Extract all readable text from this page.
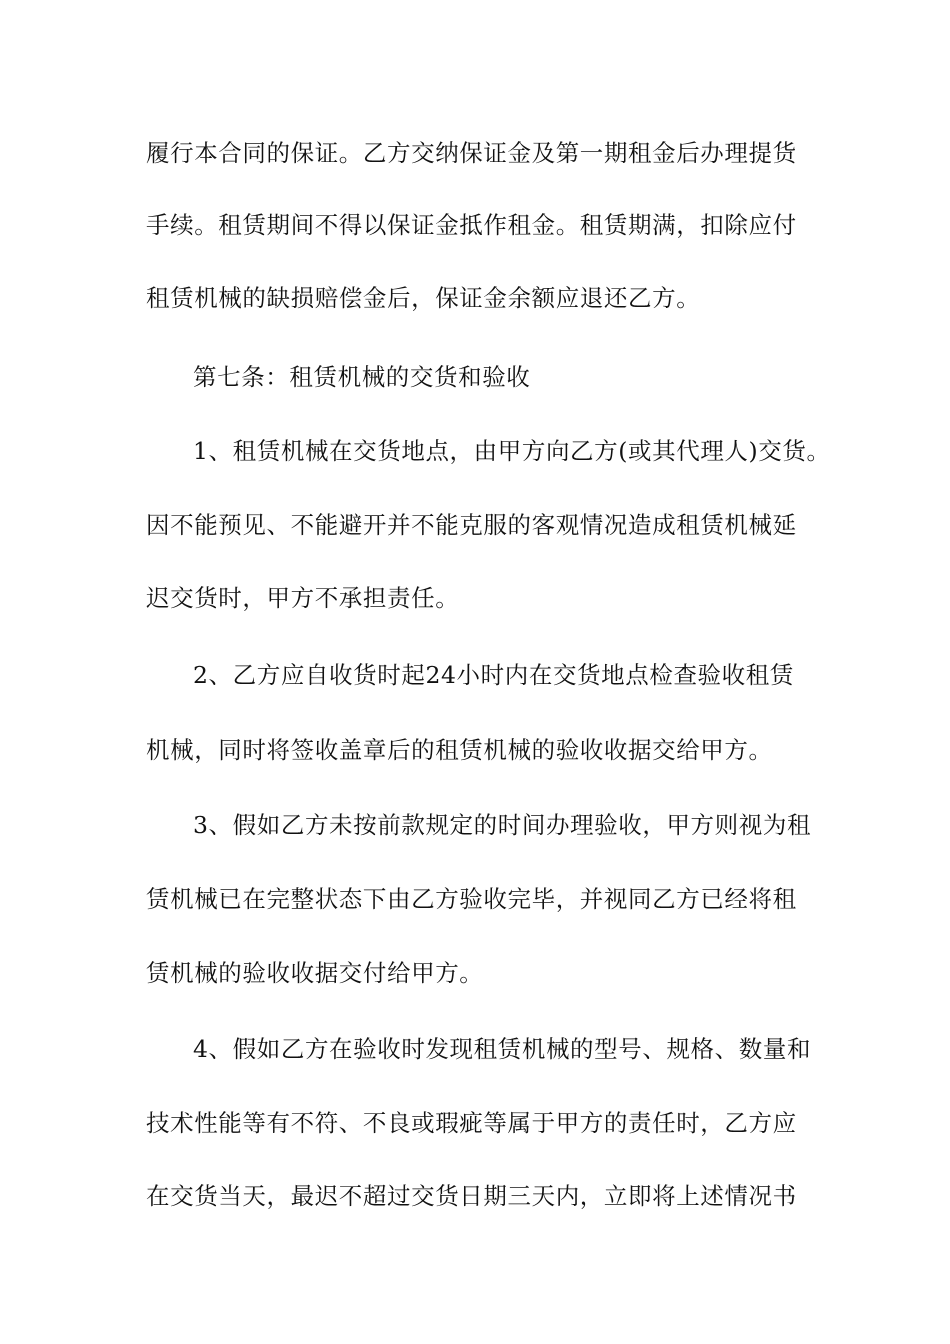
履行本合同的保证。乙方交纳保证金及第一期租金后办理提货
手续。租赁期间不得以保证金抵作租金。租赁期满，扣除应付
租赁机械的缺损赔偿金后，保证金余额应退还乙方。
第七条：租赁机械的交货和验收
1、租赁机械在交货地点，由甲方向乙方(或其代理人)交货。
因不能预见、不能避开并不能克服的客观情况造成租赁机械延
迟交货时，甲方不承担责任。
2、乙方应自收货时起24小时内在交货地点检查验收租赁
机械，同时将签收盖章后的租赁机械的验收收据交给甲方。
3、假如乙方未按前款规定的时间办理验收，甲方则视为租
赁机械已在完整状态下由乙方验收完毕，并视同乙方已经将租
赁机械的验收收据交付给甲方。
4、假如乙方在验收时发现租赁机械的型号、规格、数量和
技术性能等有不符、不良或瑕疵等属于甲方的责任时，乙方应
在交货当天，最迟不超过交货日期三天内，立即将上述情况书
